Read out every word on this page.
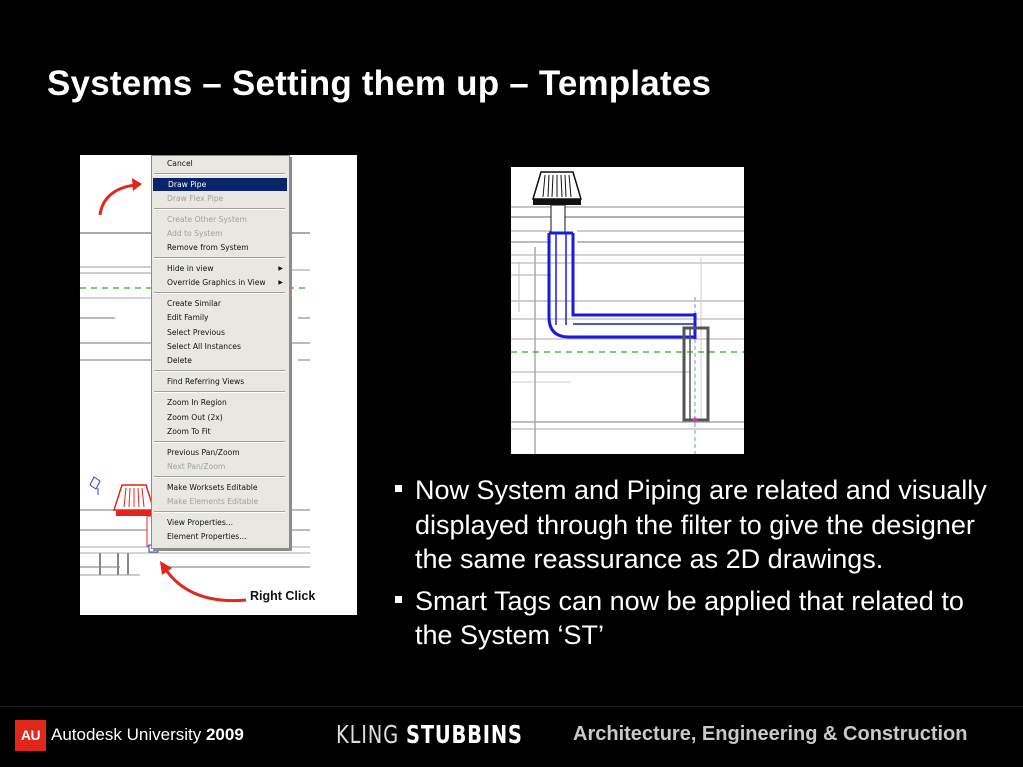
Systems – Setting them up – Templates
Cancel
Draw Pipe
Draw Flex Pipe
Create Other System
Add to System
Remove from System
Hide in view	▶
Override Graphics in View ▶
Create Similar
Edit Family
Select Previous
Select All Instances
Delete
Find Referring Views
Zoom In Region
Zoom Out (2x)
Zoom To Fit
Previous Pan/Zoom
Next Pan/Zoom
Make Worksets Editable
Make Elements Editable
View Properties...
Element Properties...
Right Click
Now System and Piping are related and visually displayed through the filter to give the designer the same reassurance as 2D drawings.
Smart Tags can now be applied that related to the System ‘ST’
AU Autodesk University 2009	KLING STUBBINS	Architecture, Engineering & Construction
